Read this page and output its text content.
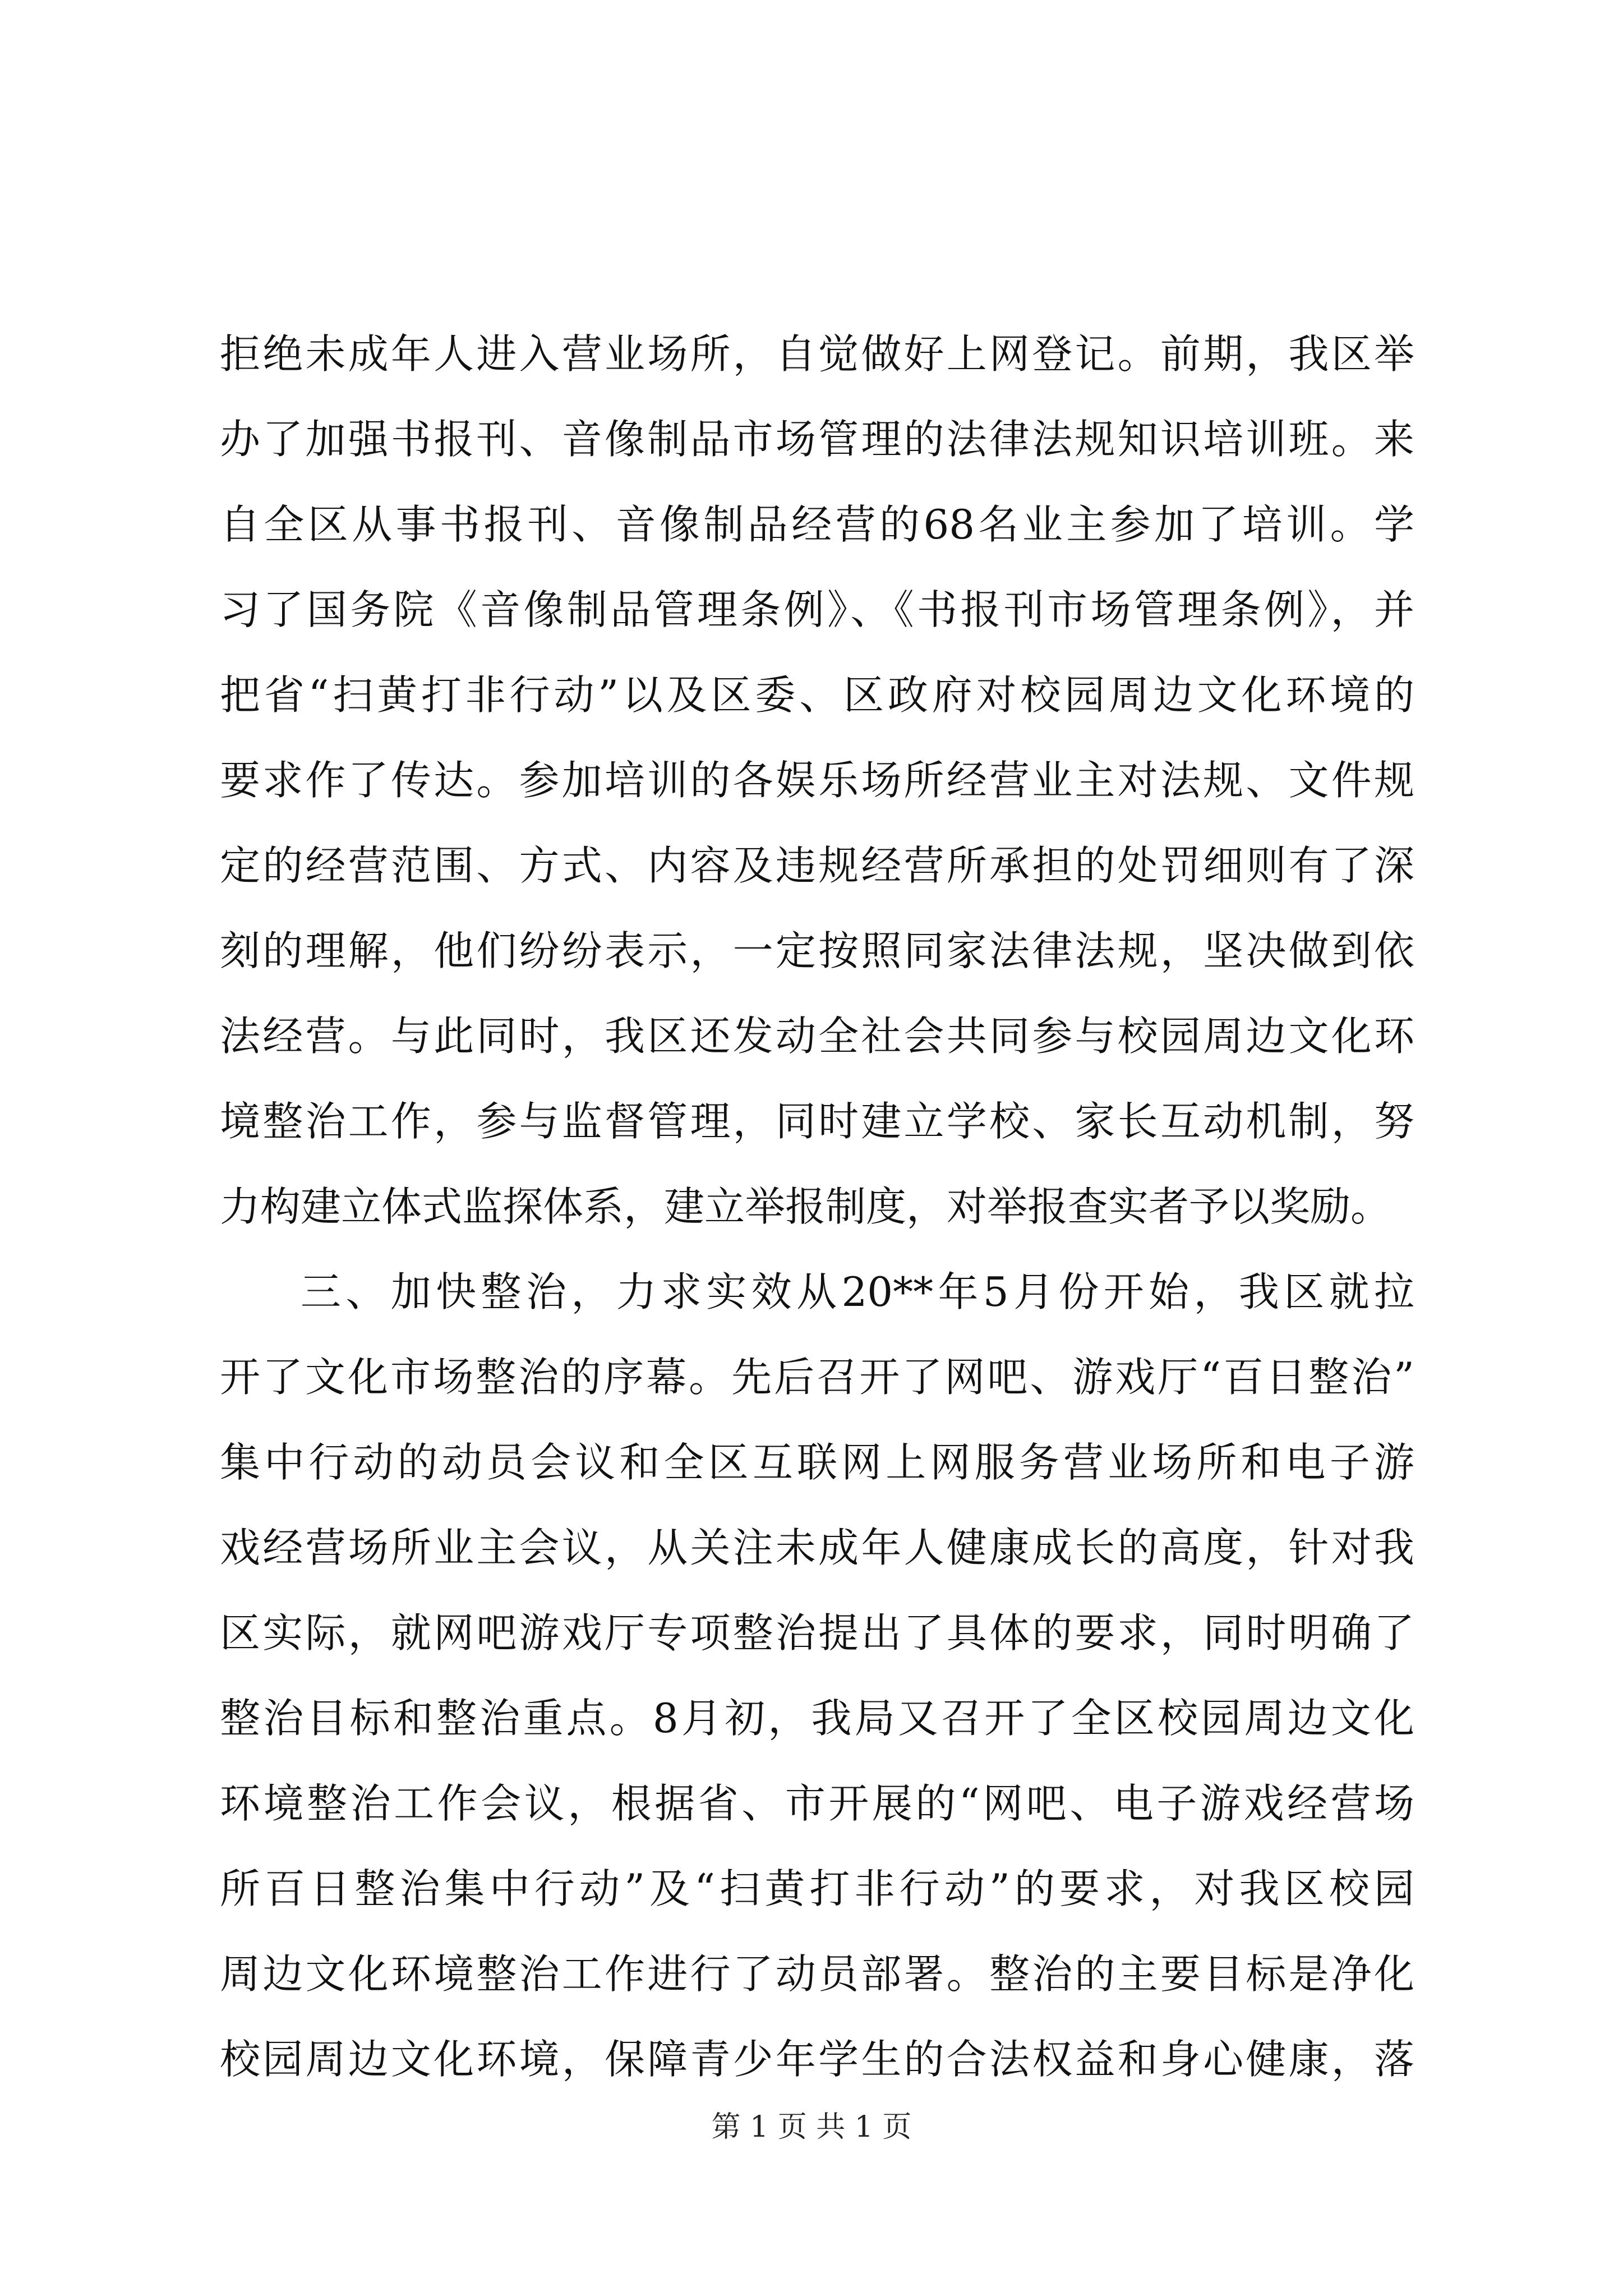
拒绝未成年人进入营业场所，自觉做好上网登记。前期，我区举
办了加强书报刊、音像制品市场管理的法律法规知识培训班。来
自全区从事书报刊、音像制品经营的68名业主参加了培训。学
习了国务院《音像制品管理条例》、《书报刊市场管理条例》，并
把省“扫黄打非行动”以及区委、区政府对校园周边文化环境的
要求作了传达。参加培训的各娱乐场所经营业主对法规、文件规
定的经营范围、方式、内容及违规经营所承担的处罚细则有了深
刻的理解，他们纷纷表示，一定按照同家法律法规，坚决做到依
法经营。与此同时，我区还发动全社会共同参与校园周边文化环
境整治工作，参与监督管理，同时建立学校、家长互动机制，努
力构建立体式监探体系，建立举报制度，对举报查实者予以奖励。
三、加快整治，力求实效从20**年5月份开始，我区就拉
开了文化市场整治的序幕。先后召开了网吧、游戏厅“百日整治”
集中行动的动员会议和全区互联网上网服务营业场所和电子游
戏经营场所业主会议，从关注未成年人健康成长的高度，针对我
区实际，就网吧游戏厅专项整治提出了具体的要求，同时明确了
整治目标和整治重点。8月初，我局又召开了全区校园周边文化
环境整治工作会议，根据省、市开展的“网吧、电子游戏经营场
所百日整治集中行动”及“扫黄打非行动”的要求，对我区校园
周边文化环境整治工作进行了动员部署。整治的主要目标是净化
校园周边文化环境，保障青少年学生的合法权益和身心健康，落
第 1 页 共 1 页
